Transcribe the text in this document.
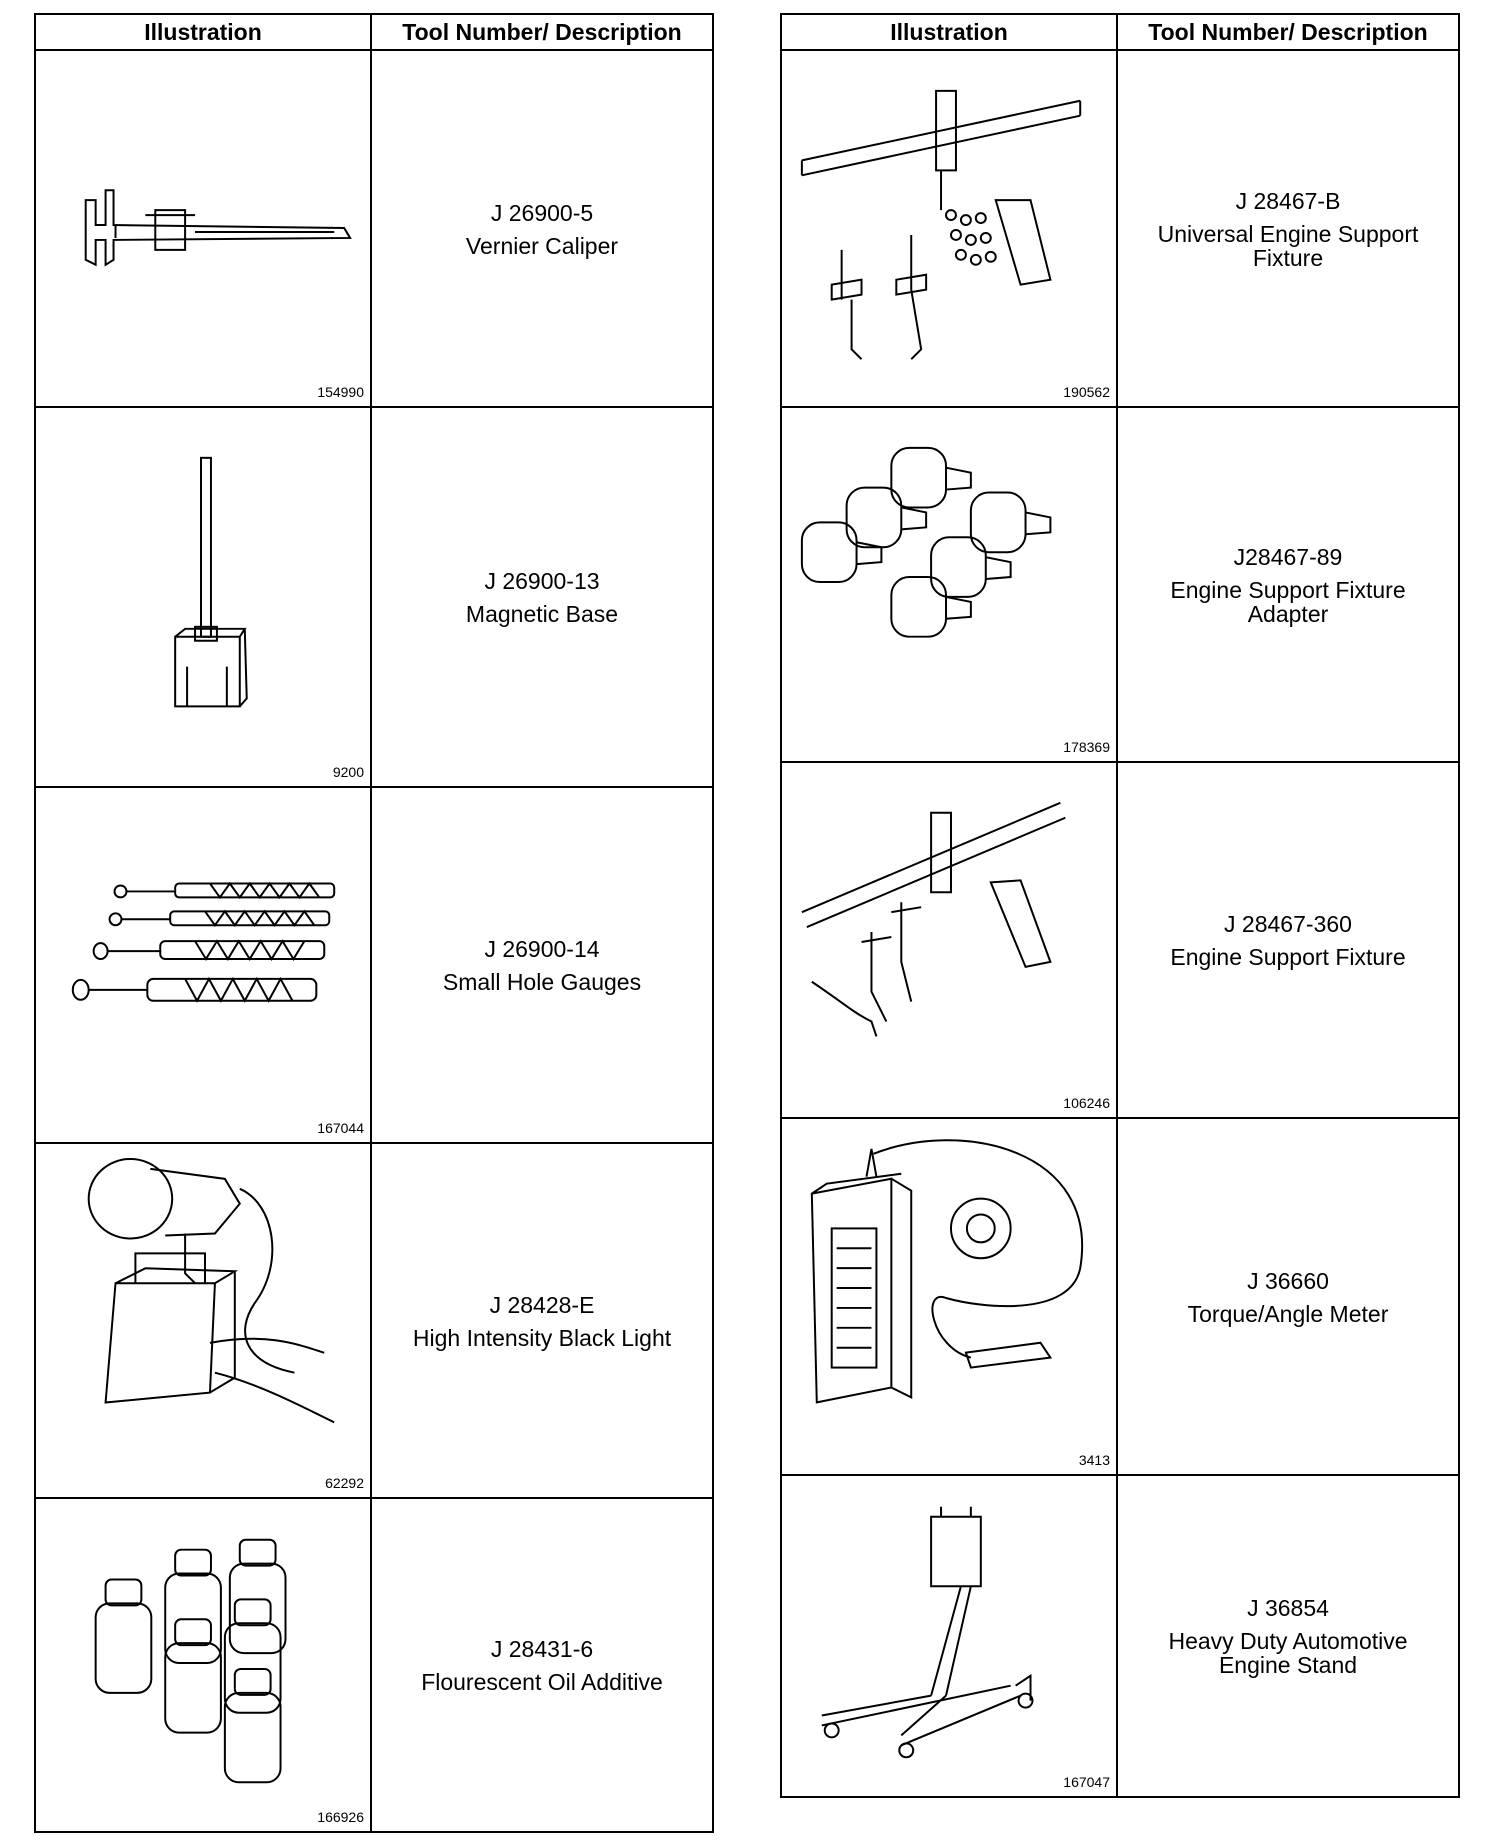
Illustration	Tool Number/ Description
154990
J 26900-5
Vernier Caliper
9200
J 26900-13
Magnetic Base
167044
J 26900-14
Small Hole Gauges
62292
J 28428-E
High Intensity Black Light
166926
J 28431-6
Flourescent Oil Additive
Illustration	Tool Number/ Description
190562
J 28467-B
Universal Engine Support Fixture
178369
J28467-89
Engine Support Fixture Adapter
106246
J 28467-360
Engine Support Fixture
3413
J 36660
Torque/Angle Meter
167047
J 36854
Heavy Duty Automotive Engine Stand
